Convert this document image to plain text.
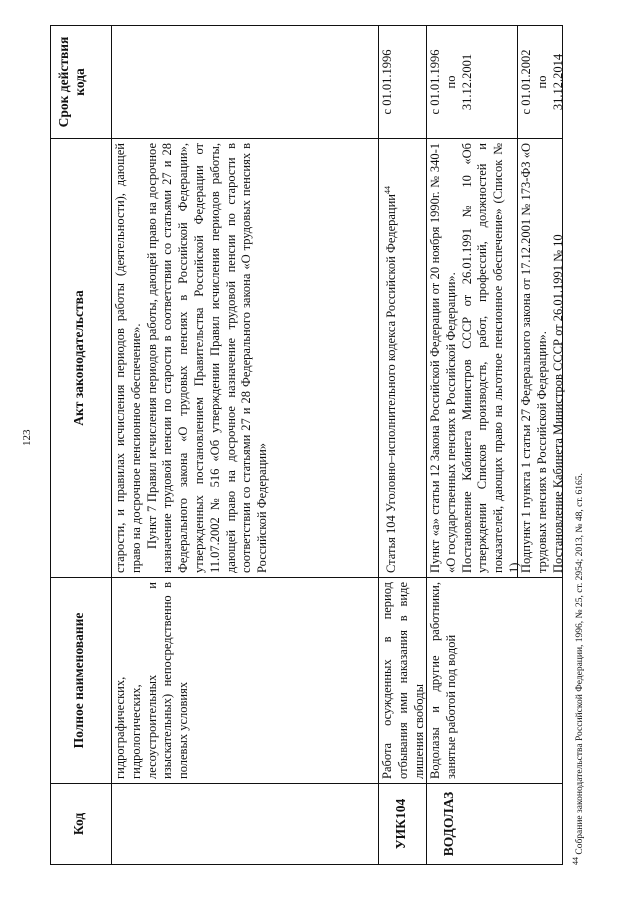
123
Код
Полное наименование
Акт законодательства
Срок действия кода

гидрографических, гидрологических, лесоустроительных и изыскательных) непосредственно в полевых условиях

старости, и правилах исчисления периодов работы (деятельности), дающей право на досрочное пенсионное обеспечение». Пункт 7 Правил исчисления периодов работы, дающей право на досрочное назначение трудовой пенсии по старости в соответствии со статьями 27 и 28 Федерального закона «О трудовых пенсиях в Российской Федерации», утвержденных постановлением Правительства Российской Федерации от 11.07.2002 № 516 «Об утверждении Правил исчисления периодов работы, дающей право на досрочное назначение трудовой пенсии по старости в соответствии со статьями 27 и 28 Федерального закона «О трудовых пенсиях в Российской Федерации»

УИК104

Работа осужденных в период отбывания ими наказания в виде лишения свободы

Статья 104 Уголовно–исполнительного кодекса Российской Федерации$^{44}$

с 01.01.1996
ВОДОЛАЗ

Водолазы и другие работники, занятые работой под водой

Пункт «а» статьи 12 Закона Российской Федерации от 20 ноября 1990г. № 340-1 «О государственных пенсиях в Российской Федерации». Постановление Кабинета Министров СССР от 26.01.1991 № 10 «Об утверждении Списков производств, работ, профессий, должностей и показателей, дающих право на льготное пенсионное обеспечение» (Список № 1)

с 01.01.1996 по 31.12.2001

Подпункт 1 пункта 1 статьи 27 Федерального закона от 17.12.2001 № 173-ФЗ «О трудовых пенсиях в Российской Федерации». Постановление Кабинета Министров СССР от 26.01.1991 № 10

с 01.01.2002 по 31.12.2014

$^{44}$ Собрание законодательства Российской Федерации, 1996, № 25, ст. 2954; 2013, № 48, ст. 6165.
